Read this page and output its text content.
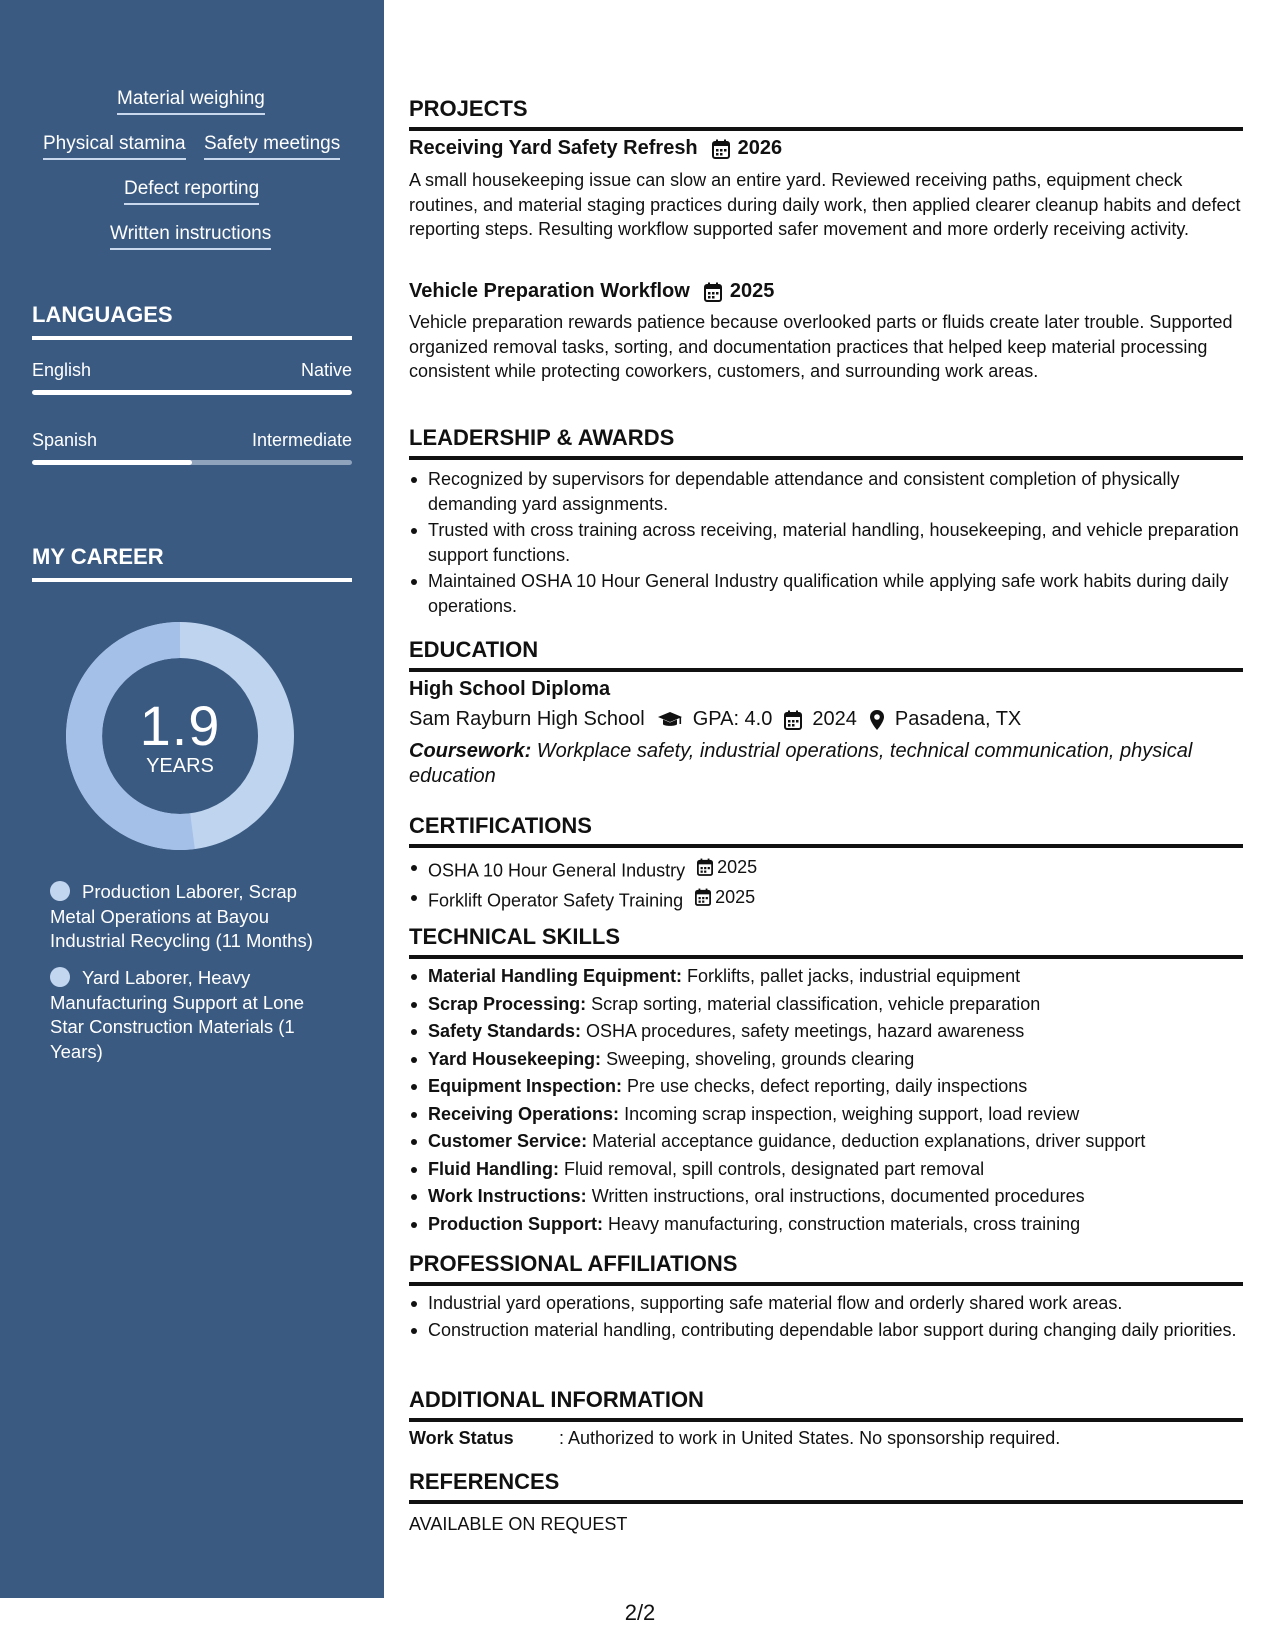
Material weighing
Physical stamina Safety meetings
Defect reporting
Written instructions
LANGUAGES
English	Native
Spanish	Intermediate
MY CAREER
1.9
YEARS
Production Laborer, Scrap Metal Operations at Bayou Industrial Recycling (11 Months)
Yard Laborer, Heavy Manufacturing Support at Lone Star Construction Materials (1 Years)
PROJECTS
Receiving Yard Safety Refresh 2026
A small housekeeping issue can slow an entire yard. Reviewed receiving paths, equipment check routines, and material staging practices during daily work, then applied clearer cleanup habits and defect reporting steps. Resulting workflow supported safer movement and more orderly receiving activity.
Vehicle Preparation Workflow 2025
Vehicle preparation rewards patience because overlooked parts or fluids create later trouble. Supported organized removal tasks, sorting, and documentation practices that helped keep material processing consistent while protecting coworkers, customers, and surrounding work areas.
LEADERSHIP & AWARDS
Recognized by supervisors for dependable attendance and consistent completion of physically demanding yard assignments.
Trusted with cross training across receiving, material handling, housekeeping, and vehicle preparation support functions.
Maintained OSHA 10 Hour General Industry qualification while applying safe work habits during daily operations.
EDUCATION
High School Diploma
Sam Rayburn High School GPA: 4.0 2024 Pasadena, TX
Coursework: Workplace safety, industrial operations, technical communication, physical education
CERTIFICATIONS
OSHA 10 Hour General Industry 2025
Forklift Operator Safety Training 2025
TECHNICAL SKILLS
Material Handling Equipment: Forklifts, pallet jacks, industrial equipment
Scrap Processing: Scrap sorting, material classification, vehicle preparation
Safety Standards: OSHA procedures, safety meetings, hazard awareness
Yard Housekeeping: Sweeping, shoveling, grounds clearing
Equipment Inspection: Pre use checks, defect reporting, daily inspections
Receiving Operations: Incoming scrap inspection, weighing support, load review
Customer Service: Material acceptance guidance, deduction explanations, driver support
Fluid Handling: Fluid removal, spill controls, designated part removal
Work Instructions: Written instructions, oral instructions, documented procedures
Production Support: Heavy manufacturing, construction materials, cross training
PROFESSIONAL AFFILIATIONS
Industrial yard operations, supporting safe material flow and orderly shared work areas.
Construction material handling, contributing dependable labor support during changing daily priorities.
ADDITIONAL INFORMATION
Work Status	: Authorized to work in United States. No sponsorship required.
REFERENCES
AVAILABLE ON REQUEST
2/2
